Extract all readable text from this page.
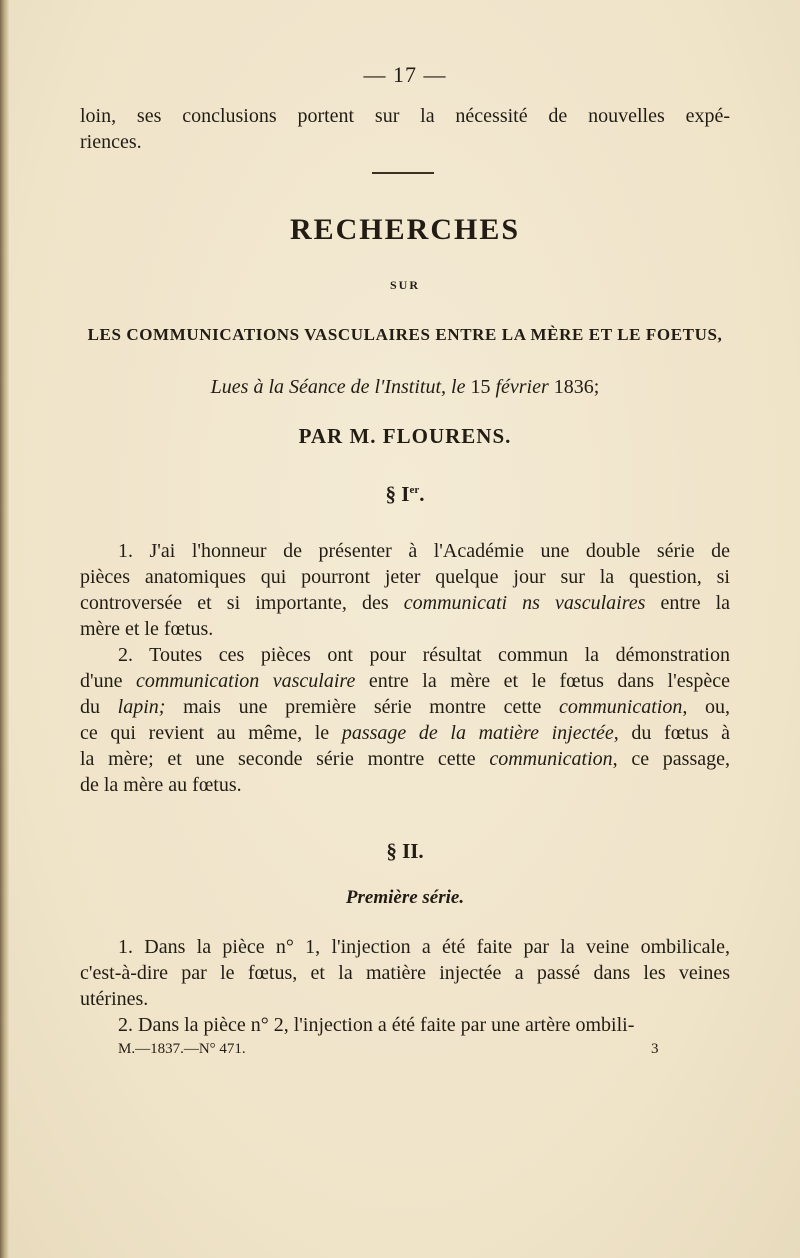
— 17 —
loin, ses conclusions portent sur la nécessité de nouvelles expé-
riences.
RECHERCHES
SUR
LES COMMUNICATIONS VASCULAIRES ENTRE LA MÈRE ET LE FOETUS,
Lues à la Séance de l'Institut, le 15 février 1836;
PAR M. FLOURENS.
§ Ier.
1. J'ai l'honneur de présenter à l'Académie une double série de
pièces anatomiques qui pourront jeter quelque jour sur la question, si
controversée et si importante, des communicati ns vasculaires entre la
mère et le fœtus.
2. Toutes ces pièces ont pour résultat commun la démonstration
d'une communication vasculaire entre la mère et le fœtus dans l'espèce
du lapin; mais une première série montre cette communication, ou,
ce qui revient au même, le passage de la matière injectée, du fœtus à
la mère; et une seconde série montre cette communication, ce passage,
de la mère au fœtus.
§ II.
Première série.
1. Dans la pièce n° 1, l'injection a été faite par la veine ombilicale,
c'est-à-dire par le fœtus, et la matière injectée a passé dans les veines
utérines.
2. Dans la pièce n° 2, l'injection a été faite par une artère ombili-
M.—1837.—N° 471.	3
